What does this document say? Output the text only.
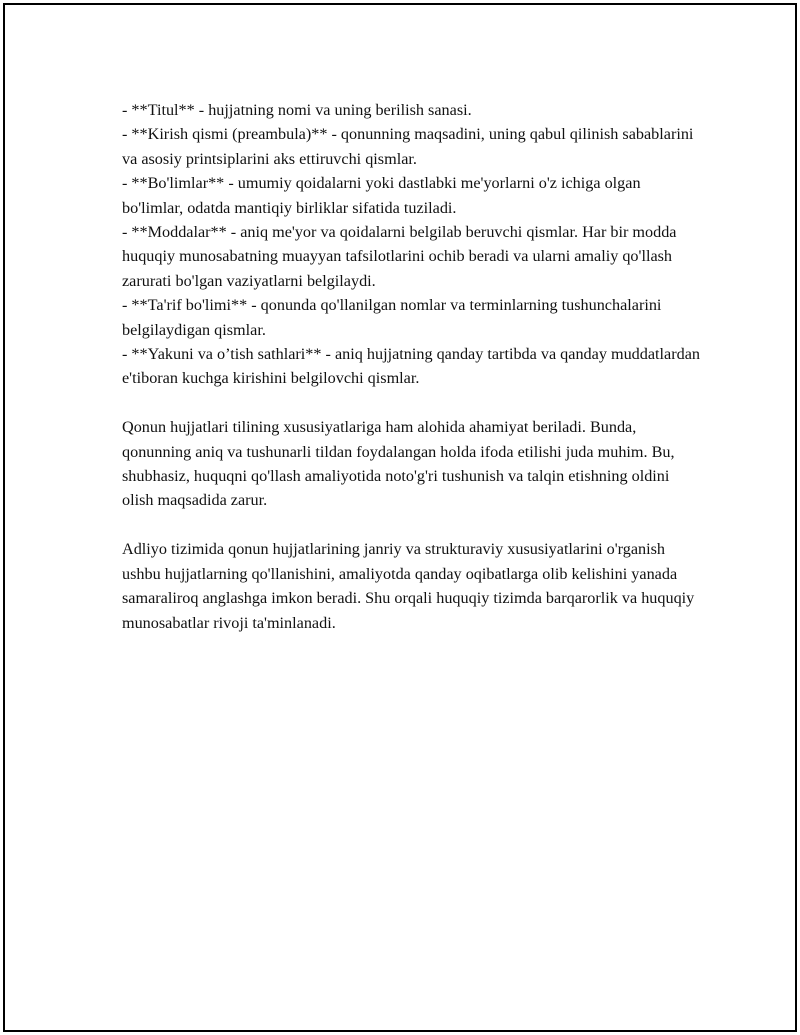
- **Titul** - hujjatning nomi va uning berilish sanasi.

- **Kirish qismi (preambula)** - qonunning maqsadini, uning qabul qilinish sabablarini va asosiy printsiplarini aks ettiruvchi qismlar.

- **Bo'limlar** - umumiy qoidalarni yoki dastlabki me'yorlarni o'z ichiga olgan bo'limlar, odatda mantiqiy birliklar sifatida tuziladi.

- **Moddalar** - aniq me'yor va qoidalarni belgilab beruvchi qismlar. Har bir modda huquqiy munosabatning muayyan tafsilotlarini ochib beradi va ularni amaliy qo'llash zarurati bo'lgan vaziyatlarni belgilaydi.

- **Ta'rif bo'limi** - qonunda qo'llanilgan nomlar va terminlarning tushunchalarini belgilaydigan qismlar.

- **Yakuni va o’tish sathlari** - aniq hujjatning qanday tartibda va qanday muddatlardan e'tiboran kuchga kirishini belgilovchi qismlar.

Qonun hujjatlari tilining xususiyatlariga ham alohida ahamiyat beriladi. Bunda, qonunning aniq va tushunarli tildan foydalangan holda ifoda etilishi juda muhim. Bu, shubhasiz, huquqni qo'llash amaliyotida noto'g'ri tushunish va talqin etishning oldini olish maqsadida zarur.

Adliyo tizimida qonun hujjatlarining janriy va strukturaviy xususiyatlarini o'rganish ushbu hujjatlarning qo'llanishini, amaliyotda qanday oqibatlarga olib kelishini yanada samaraliroq anglashga imkon beradi. Shu orqali huquqiy tizimda barqarorlik va huquqiy munosabatlar rivoji ta'minlanadi.
